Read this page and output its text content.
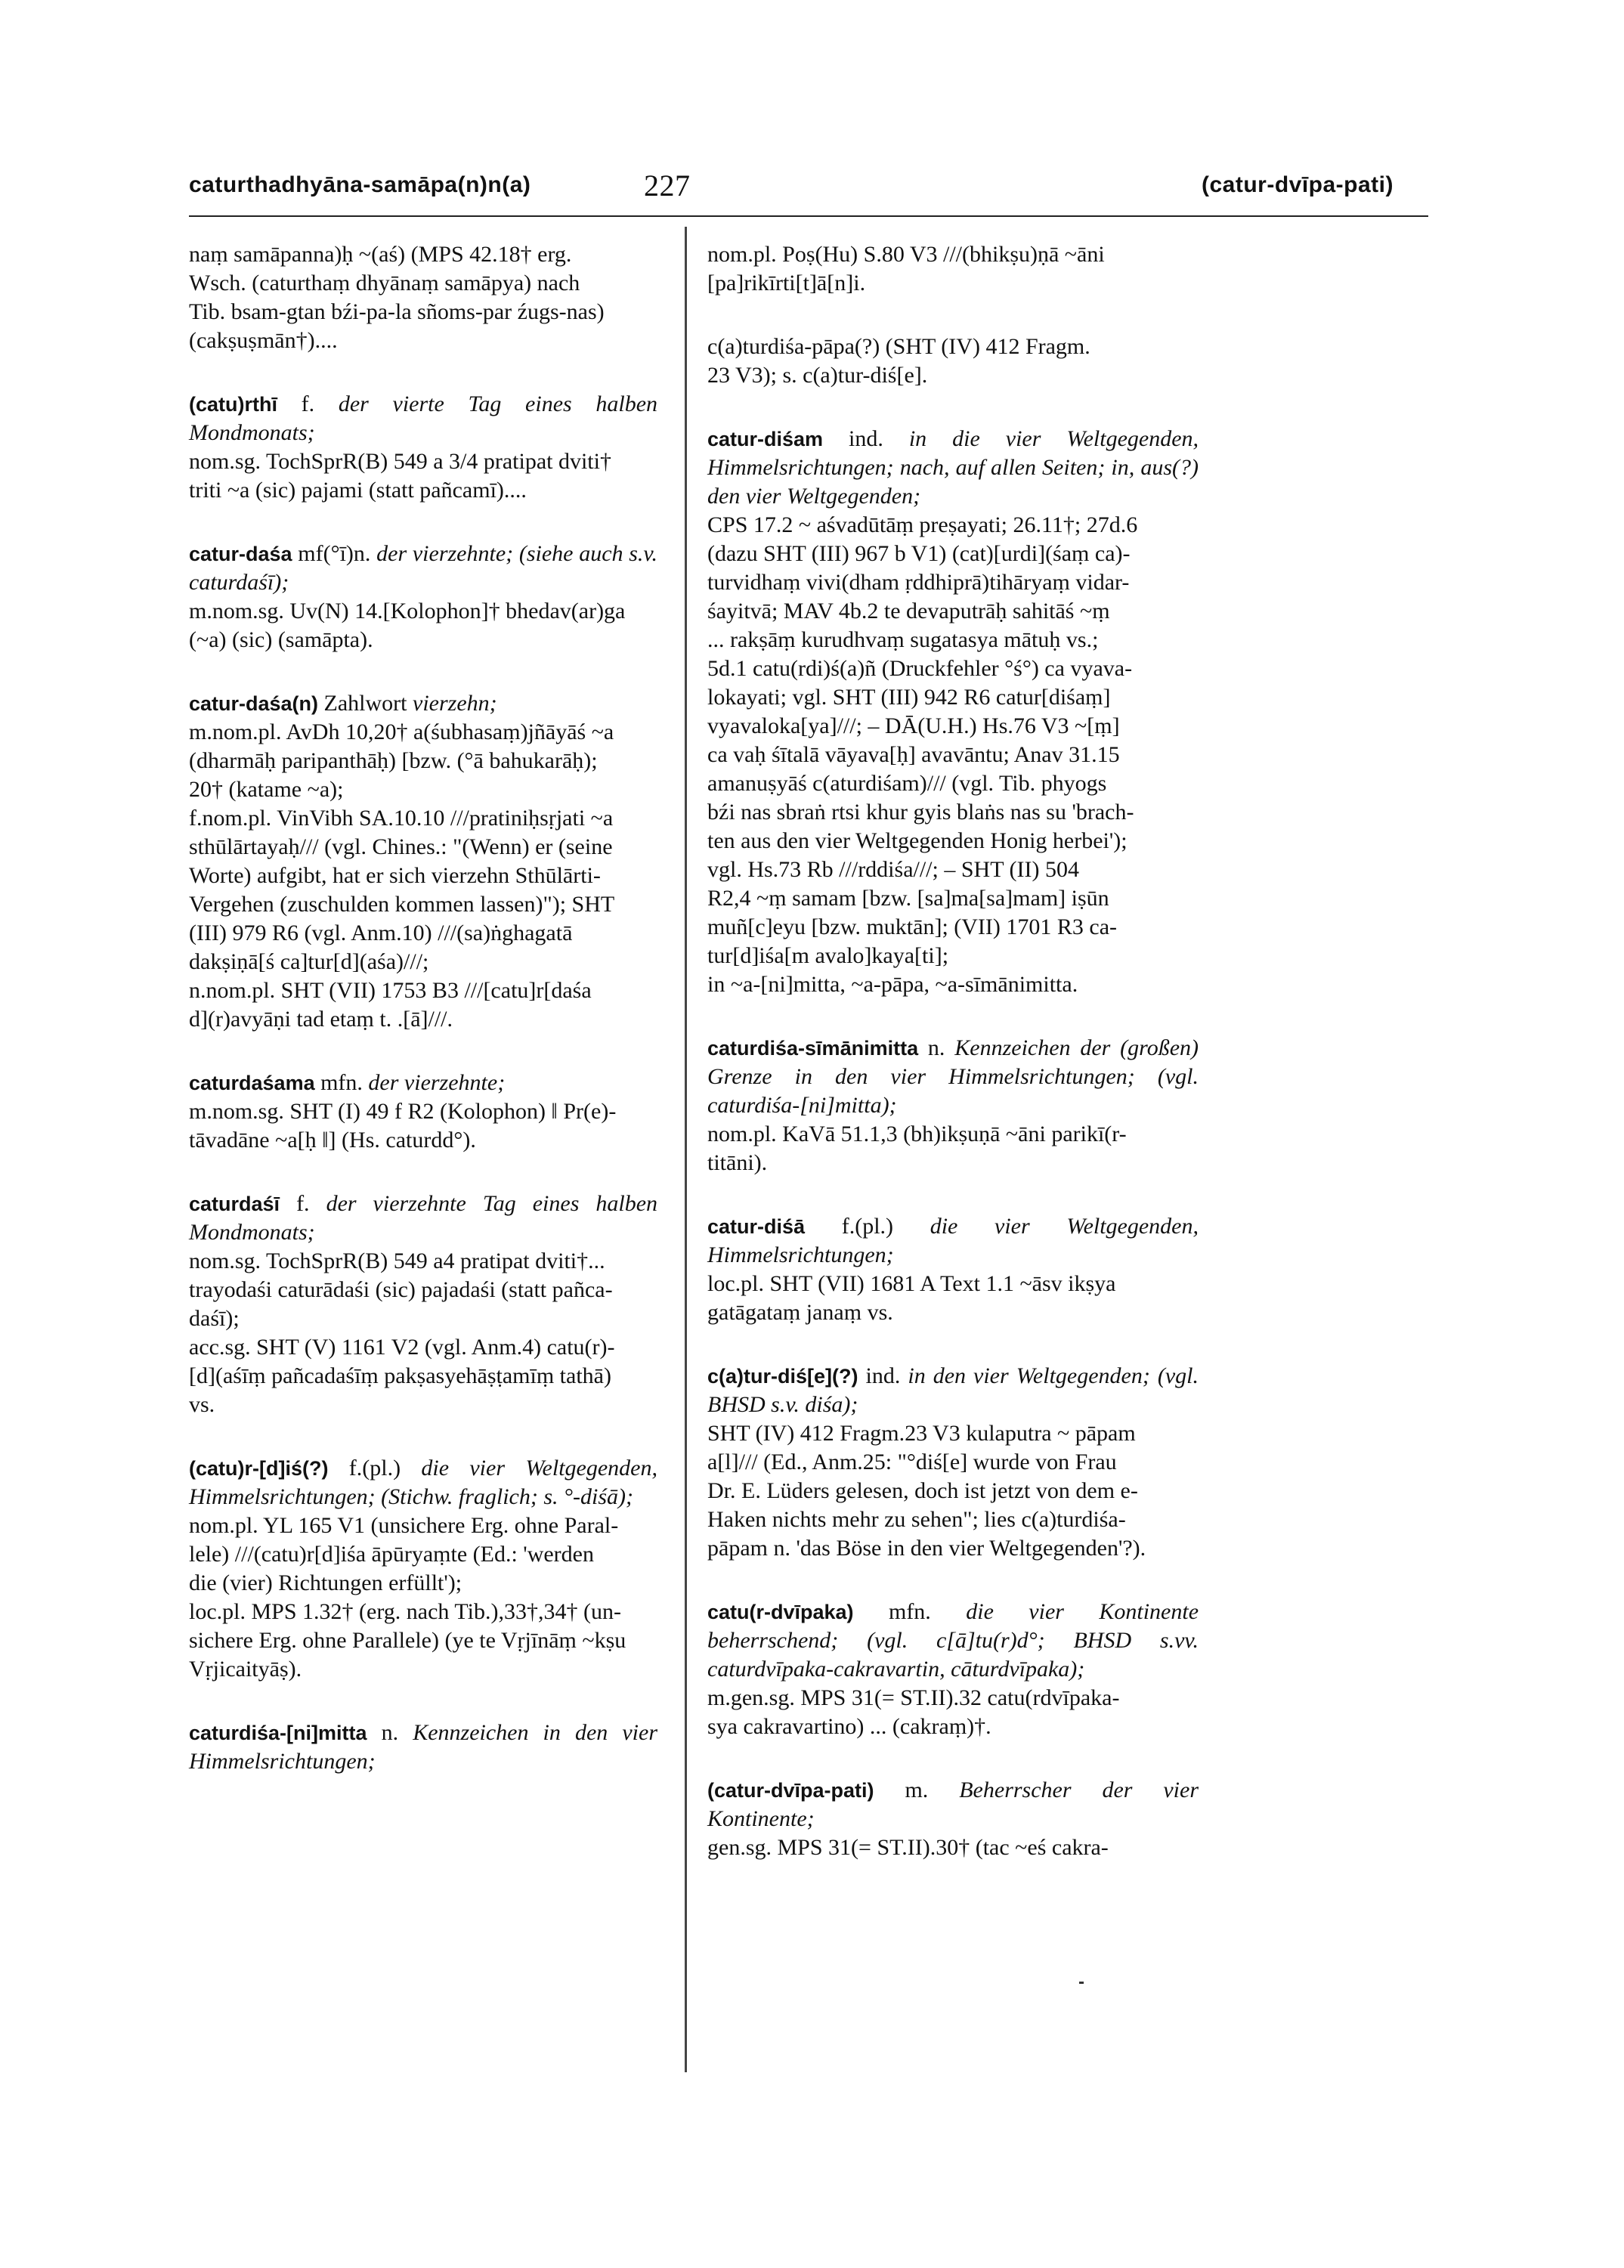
caturthadhyāna-samāpa(n)n(a)	227	(catur-dvīpa-pati)
naṃ samāpanna)ḥ ~(aś) (MPS 42.18† erg.
Wsch. (caturthaṃ dhyānaṃ samāpya) nach
Tib. bsam-gtan bźi-pa-la sñoms-par źugs-nas)
(cakṣuṣmān†)....
(catu)rthī f. der vierte Tag eines halben Mondmonats;
nom.sg. TochSprR(B) 549 a 3/4 pratipat dviti†
triti ~a (sic) pajami (statt pañcamī)....
catur-daśa mf(°ī)n. der vierzehnte; (siehe auch s.v. caturdaśī);
m.nom.sg. Uv(N) 14.[Kolophon]† bhedav(ar)ga
(~a) (sic) (samāpta).
catur-daśa(n) Zahlwort vierzehn;
m.nom.pl. AvDh 10,20† a(śubhasaṃ)jñāyāś ~a
(dharmāḥ paripanthāḥ) [bzw. (°ā bahukarāḥ);
20† (katame ~a);
f.nom.pl. VinVibh SA.10.10 ///pratiniḥsṛjati ~a
sthūlārtayaḥ/// (vgl. Chines.: "(Wenn) er (seine
Worte) aufgibt, hat er sich vierzehn Sthūlārti-
Vergehen (zuschulden kommen lassen)"); SHT
(III) 979 R6 (vgl. Anm.10) ///(sa)ṅghagatā
dakṣiṇā[ś ca]tur[d](aśa)///;
n.nom.pl. SHT (VII) 1753 B3 ///[catu]r[daśa
d](r)avyāṇi tad etaṃ t. .[ā]///.
caturdaśama mfn. der vierzehnte;
m.nom.sg. SHT (I) 49 f R2 (Kolophon) ‖ Pr(e)-
tāvadāne ~a[ḥ ‖] (Hs. caturdd°).
caturdaśī f. der vierzehnte Tag eines halben Mondmonats;
nom.sg. TochSprR(B) 549 a4 pratipat dviti†...
trayodaśi caturādaśi (sic) pajadaśi (statt pañca-
daśī);
acc.sg. SHT (V) 1161 V2 (vgl. Anm.4) catu(r)-
[d](aśīṃ pañcadaśīṃ pakṣasyehāṣṭamīṃ tathā)
vs.
(catu)r-[d]iś(?) f.(pl.) die vier Weltgegenden, Himmelsrichtungen; (Stichw. fraglich; s. °-diśā);
nom.pl. YL 165 V1 (unsichere Erg. ohne Paral-
lele) ///(catu)r[d]iśa āpūryaṃte (Ed.: 'werden
die (vier) Richtungen erfüllt');
loc.pl. MPS 1.32† (erg. nach Tib.),33†,34† (un-
sichere Erg. ohne Parallele) (ye te Vṛjīnāṃ ~kṣu
Vṛjicaityāṣ).
caturdiśa-[ni]mitta n. Kennzeichen in den vier Himmelsrichtungen;
nom.pl. Poṣ(Hu) S.80 V3 ///(bhikṣu)ṇā ~āni
[pa]rikīrti[t]ā[n]i.
c(a)turdiśa-pāpa(?) (SHT (IV) 412 Fragm.
23 V3); s. c(a)tur-diś[e].
catur-diśam ind. in die vier Weltgegenden, Himmelsrichtungen; nach, auf allen Seiten; in, aus(?) den vier Weltgegenden;
CPS 17.2 ~ aśvadūtāṃ preṣayati; 26.11†; 27d.6
(dazu SHT (III) 967 b V1) (cat)[urdi](śaṃ ca)-
turvidhaṃ vivi(dham ṛddhiprā)tihāryaṃ vidar-
śayitvā; MAV 4b.2 te devaputrāḥ sahitāś ~ṃ
... rakṣāṃ kurudhvaṃ sugatasya mātuḥ vs.;
5d.1 catu(rdi)ś(a)ñ (Druckfehler °ś°) ca vyava-
lokayati; vgl. SHT (III) 942 R6 catur[diśaṃ]
vyavaloka[ya]///; – DĀ(U.H.) Hs.76 V3 ~[ṃ]
ca vaḥ śītalā vāyava[ḥ] avavāntu; Anav 31.15
amanuṣyāś c(aturdiśam)/// (vgl. Tib. phyogs
bźi nas sbraṅ rtsi khur gyis blaṅs nas su 'brach-
ten aus den vier Weltgegenden Honig herbei');
vgl. Hs.73 Rb ///rddiśa///; – SHT (II) 504
R2,4 ~ṃ samam [bzw. [sa]ma[sa]mam] iṣūn
muñ[c]eyu [bzw. muktān]; (VII) 1701 R3 ca-
tur[d]iśa[m avalo]kaya[ti];
in ~a-[ni]mitta, ~a-pāpa, ~a-sīmānimitta.
caturdiśa-sīmānimitta n. Kennzeichen der (großen) Grenze in den vier Himmelsrichtungen; (vgl. caturdiśa-[ni]mitta);
nom.pl. KaVā 51.1,3 (bh)ikṣuṇā ~āni parikī(r-
titāni).
catur-diśā f.(pl.) die vier Weltgegenden, Himmelsrichtungen;
loc.pl. SHT (VII) 1681 A Text 1.1 ~āsv ikṣya
gatāgataṃ janaṃ vs.
c(a)tur-diś[e](?) ind. in den vier Weltgegenden; (vgl. BHSD s.v. diśa);
SHT (IV) 412 Fragm.23 V3 kulaputra ~ pāpam
a[l]/// (Ed., Anm.25: "°diś[e] wurde von Frau
Dr. E. Lüders gelesen, doch ist jetzt von dem e-
Haken nichts mehr zu sehen"; lies c(a)turdiśa-
pāpam n. 'das Böse in den vier Weltgegenden'?).
catu(r-dvīpaka) mfn. die vier Kontinente beherrschend; (vgl. c[ā]tu(r)d°; BHSD s.vv. caturdvīpaka-cakravartin, cāturdvīpaka);
m.gen.sg. MPS 31(= ST.II).32 catu(rdvīpaka-
sya cakravartino) ... (cakraṃ)†.
(catur-dvīpa-pati) m. Beherrscher der vier Kontinente;
gen.sg. MPS 31(= ST.II).30† (tac ~eś cakra-
